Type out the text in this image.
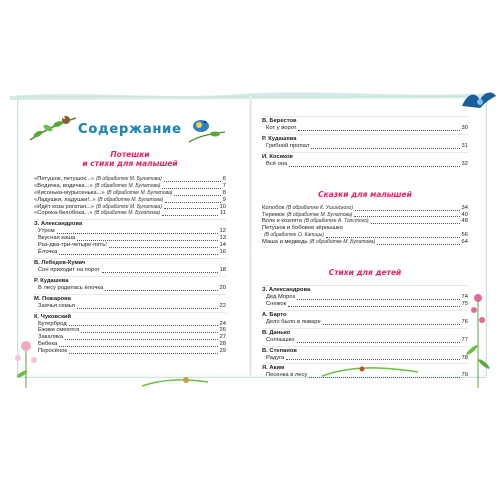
Содержание
Потешки
и стихи для малышей
«Петушок, петушок...» (В обработке М. Булатова)	6
«Водичка, водичка...» (В обработке М. Булатова)	7
«Кисонька-мурысенька...» (В обработке М. Булатова)	8
«Ладушки, ладушки!..» (В обработке М. Булатова)	9
«Идёт коза рогатая...» (В обработке М. Булатова)	10
«Сорока-белобока...» (В обработке М. Булатова)	11
З. Александрова
Утром	12
Вкусная каша	13
Раз-два-три-четыре-пять!	14
Ёлочка	16
В. Лебедев-Кумач
Сон приходит на порог	18
Р. Кудашева
В лесу родилась ёлочка	20
М. Пожарова
Заячья семья	22
К. Чуковский
Бутерброд	24
Ежики смеются	26
Закаляка	27
Бебека	28
Поросёнок	29
В. Берестов
Кот у ворот	30
Р. Кудашева
Грибной пропал	31
И. Косяков
Всё она	32
Сказки для малышей
Колобок (В обработке К. Ушинского)	34
Теремок (В обработке М. Булатова)	40
Волк и козлята (В обработке А. Толстого)	48
Петушок и бобовое зёрнышко
(В обработке О. Капицы)	56
Маша и медведь (В обработке М. Булатова)	64
Стихи для детей
З. Александрова
Дед Мороз	74
Снежок	75
А. Барто
Дело было в январе	76
В. Данько
Солнышко	77
В. Степанов
Радуга	78
Я. Аким
Песенка в лесу	79
